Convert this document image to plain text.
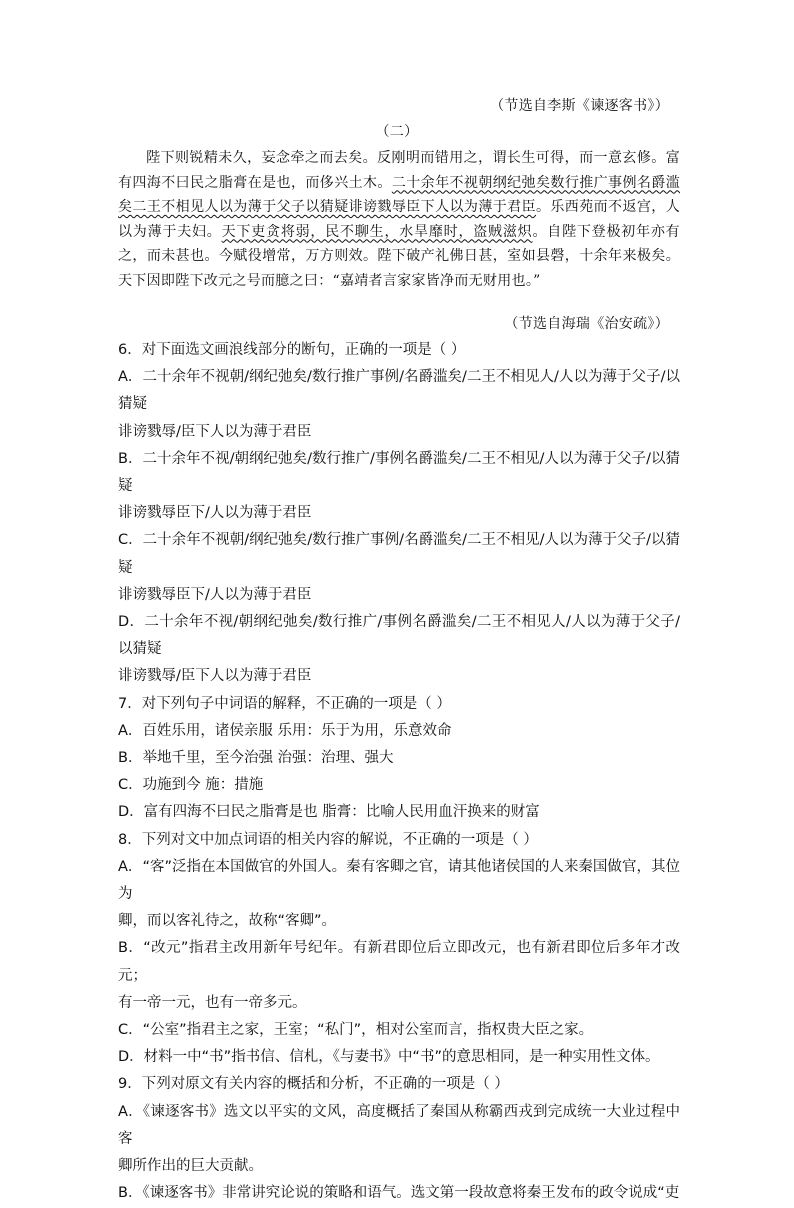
（节选自李斯《谏逐客书》）
（二）
陛下则锐精未久，妄念牵之而去矣。反刚明而错用之，谓长生可得，而一意玄修。富有四海不曰民之脂膏在是也，而侈兴土木。二十余年不视朝纲纪弛矣数行推广事例名爵滥矣二王不相见人以为薄于父子以猜疑诽谤戮辱臣下人以为薄于君臣。乐西苑而不返宫，人以为薄于夫妇。天下吏贪将弱，民不聊生，水旱靡时，盗贼滋炽。自陛下登极初年亦有之，而未甚也。今赋役增常，万方则效。陛下破产礼佛日甚，室如县磬，十余年来极矣。天下因即陛下改元之号而臆之曰：“嘉靖者言家家皆净而无财用也。”
（节选自海瑞《治安疏》）

6．对下面选文画浪线部分的断句，正确的一项是（ ）

A．二十余年不视朝/纲纪弛矣/数行推广事例/名爵滥矣/二王不相见人/人以为薄于父子/以猜疑

诽谤戮辱/臣下人以为薄于君臣

B．二十余年不视/朝纲纪弛矣/数行推广/事例名爵滥矣/二王不相见/人以为薄于父子/以猜疑

诽谤戮辱臣下/人以为薄于君臣

C．二十余年不视朝/纲纪弛矣/数行推广事例/名爵滥矣/二王不相见/人以为薄于父子/以猜疑

诽谤戮辱臣下/人以为薄于君臣

D．二十余年不视/朝纲纪弛矣/数行推广/事例名爵滥矣/二王不相见人/人以为薄于父子/以猜疑

诽谤戮辱/臣下人以为薄于君臣

7．对下列句子中词语的解释，不正确的一项是（ ）

A．百姓乐用，诸侯亲服 乐用：乐于为用，乐意效命

B．举地千里，至今治强 治强：治理、强大

C．功施到今 施：措施

D．富有四海不曰民之脂膏是也 脂膏：比喻人民用血汗换来的财富

8．下列对文中加点词语的相关内容的解说，不正确的一项是（ ）

A．“客”泛指在本国做官的外国人。秦有客卿之官，请其他诸侯国的人来秦国做官，其位为

卿，而以客礼待之，故称“客卿”。

B．“改元”指君主改用新年号纪年。有新君即位后立即改元，也有新君即位后多年才改元；

有一帝一元，也有一帝多元。

C．“公室”指君主之家，王室；“私门”，相对公室而言，指权贵大臣之家。

D．材料一中“书”指书信、信札，《与妻书》中“书”的意思相同，是一种实用性文体。

9．下列对原文有关内容的概括和分析，不正确的一项是（ ）

A．《谏逐客书》选文以平实的文风，高度概括了秦国从称霸西戎到完成统一大业过程中客

卿所作出的巨大贡献。

B．《谏逐客书》非常讲究论说的策略和语气。选文第一段故意将秦王发布的政令说成“吏
